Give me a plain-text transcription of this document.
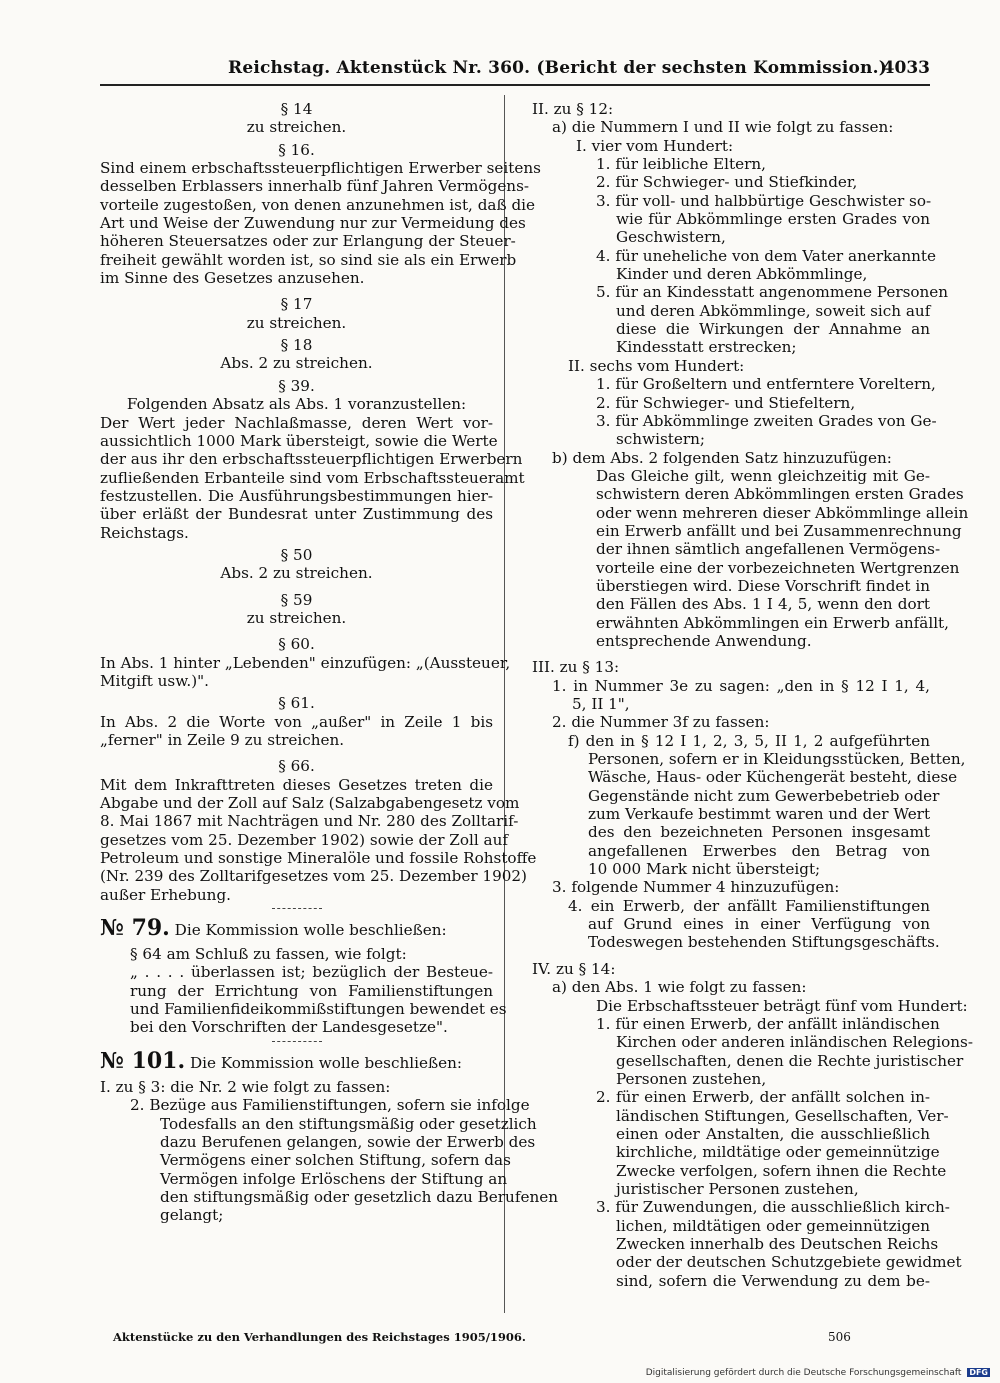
Reichstag. Aktenstück Nr. 360. (Bericht der sechsten Kommission.)
4033
§ 14
zu streichen.
§ 16.
Sind einem erbschaftssteuerpflichtigen Erwerber seitens
desselben Erblassers innerhalb fünf Jahren Vermögens-
vorteile zugestoßen, von denen anzunehmen ist, daß die
Art und Weise der Zuwendung nur zur Vermeidung des
höheren Steuersatzes oder zur Erlangung der Steuer-
freiheit gewählt worden ist, so sind sie als ein Erwerb
im Sinne des Gesetzes anzusehen.
§ 17
zu streichen.
§ 18
Abs. 2 zu streichen.
§ 39.
Folgenden Absatz als Abs. 1 voranzustellen:
Der Wert jeder Nachlaßmasse, deren Wert vor-
aussichtlich 1000 Mark übersteigt, sowie die Werte
der aus ihr den erbschaftssteuerpflichtigen Erwerbern
zufließenden Erbanteile sind vom Erbschaftssteueramt
festzustellen. Die Ausführungsbestimmungen hier-
über erläßt der Bundesrat unter Zustimmung des
Reichstags.
§ 50
Abs. 2 zu streichen.
§ 59
zu streichen.
§ 60.
In Abs. 1 hinter „Lebenden" einzufügen: „(Aussteuer,
Mitgift usw.)".
§ 61.
In Abs. 2 die Worte von „außer" in Zeile 1 bis
„ferner" in Zeile 9 zu streichen.
§ 66.
Mit dem Inkrafttreten dieses Gesetzes treten die
Abgabe und der Zoll auf Salz (Salzabgabengesetz vom
8. Mai 1867 mit Nachträgen und Nr. 280 des Zolltarif-
gesetzes vom 25. Dezember 1902) sowie der Zoll auf
Petroleum und sonstige Mineralöle und fossile Rohstoffe
(Nr. 239 des Zolltarifgesetzes vom 25. Dezember 1902)
außer Erhebung.
№ 79. Die Kommission wolle beschließen:
§ 64 am Schluß zu fassen, wie folgt:
„ . . . . überlassen ist; bezüglich der Besteue-
rung der Errichtung von Familienstiftungen
und Familienfideikommißstiftungen bewendet es
bei den Vorschriften der Landesgesetze".
№ 101. Die Kommission wolle beschließen:
I. zu § 3: die Nr. 2 wie folgt zu fassen:
2. Bezüge aus Familienstiftungen, sofern sie infolge
Todesfalls an den stiftungsmäßig oder gesetzlich
dazu Berufenen gelangen, sowie der Erwerb des
Vermögens einer solchen Stiftung, sofern das
Vermögen infolge Erlöschens der Stiftung an
den stiftungsmäßig oder gesetzlich dazu Berufenen
gelangt;
II. zu § 12:
a) die Nummern I und II wie folgt zu fassen:
I. vier vom Hundert:
1. für leibliche Eltern,
2. für Schwieger- und Stiefkinder,
3. für voll- und halbbürtige Geschwister so-
wie für Abkömmlinge ersten Grades von
Geschwistern,
4. für uneheliche von dem Vater anerkannte
Kinder und deren Abkömmlinge,
5. für an Kindesstatt angenommene Personen
und deren Abkömmlinge, soweit sich auf
diese die Wirkungen der Annahme an
Kindesstatt erstrecken;
II. sechs vom Hundert:
1. für Großeltern und entferntere Voreltern,
2. für Schwieger- und Stiefeltern,
3. für Abkömmlinge zweiten Grades von Ge-
schwistern;
b) dem Abs. 2 folgenden Satz hinzuzufügen:
Das Gleiche gilt, wenn gleichzeitig mit Ge-
schwistern deren Abkömmlingen ersten Grades
oder wenn mehreren dieser Abkömmlinge allein
ein Erwerb anfällt und bei Zusammenrechnung
der ihnen sämtlich angefallenen Vermögens-
vorteile eine der vorbezeichneten Wertgrenzen
überstiegen wird. Diese Vorschrift findet in
den Fällen des Abs. 1 I 4, 5, wenn den dort
erwähnten Abkömmlingen ein Erwerb anfällt,
entsprechende Anwendung.
III. zu § 13:
1. in Nummer 3e zu sagen: „den in § 12 I 1, 4,
5, II 1",
2. die Nummer 3f zu fassen:
f) den in § 12 I 1, 2, 3, 5, II 1, 2 aufgeführten
Personen, sofern er in Kleidungsstücken, Betten,
Wäsche, Haus- oder Küchengerät besteht, diese
Gegenstände nicht zum Gewerbebetrieb oder
zum Verkaufe bestimmt waren und der Wert
des den bezeichneten Personen insgesamt
angefallenen Erwerbes den Betrag von
10 000 Mark nicht übersteigt;
3. folgende Nummer 4 hinzuzufügen:
4. ein Erwerb, der anfällt Familienstiftungen
auf Grund eines in einer Verfügung von
Todeswegen bestehenden Stiftungsgeschäfts.
IV. zu § 14:
a) den Abs. 1 wie folgt zu fassen:
Die Erbschaftssteuer beträgt fünf vom Hundert:
1. für einen Erwerb, der anfällt inländischen
Kirchen oder anderen inländischen Relegions-
gesellschaften, denen die Rechte juristischer
Personen zustehen,
2. für einen Erwerb, der anfällt solchen in-
ländischen Stiftungen, Gesellschaften, Ver-
einen oder Anstalten, die ausschließlich
kirchliche, mildtätige oder gemeinnützige
Zwecke verfolgen, sofern ihnen die Rechte
juristischer Personen zustehen,
3. für Zuwendungen, die ausschließlich kirch-
lichen, mildtätigen oder gemeinnützigen
Zwecken innerhalb des Deutschen Reichs
oder der deutschen Schutzgebiete gewidmet
sind, sofern die Verwendung zu dem be-
Aktenstücke zu den Verhandlungen des Reichstages 1905/1906.	506
Digitalisierung gefördert durch die Deutsche Forschungsgemeinschaft DFG
